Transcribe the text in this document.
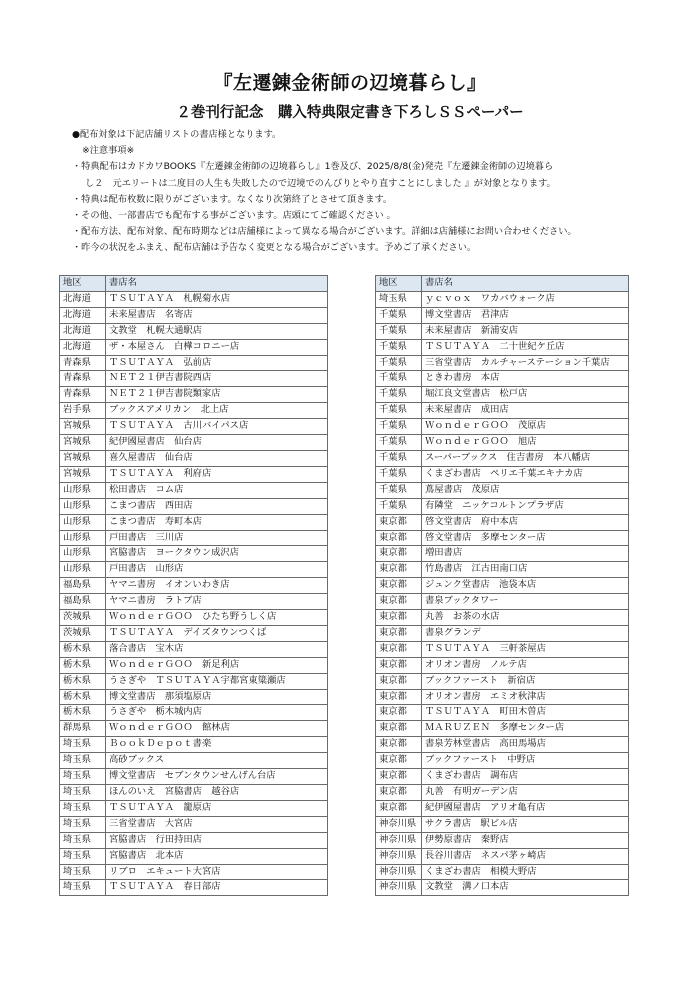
『左遷錬金術師の辺境暮らし』
２巻刊行記念　購入特典限定書き下ろしＳＳペーパー
●配布対象は下記店舗リストの書店様となります。
※注意事項※
・特典配布はカドカワBOOKS『左遷錬金術師の辺境暮らし』1巻及び、2025/8/8(金)発売『左遷錬金術師の辺境暮ら
し２　元エリートは二度目の人生も失敗したので辺境でのんびりとやり直すことにしました 』が対象となります。
・特典は配布枚数に限りがございます。なくなり次第終了とさせて頂きます。
・その他、一部書店でも配布する事がございます。店頭にてご確認ください 。
・配布方法、配布対象、配布時期などは店舗様によって異なる場合がございます。詳細は店舗様にお問い合わせください。
・昨今の状況をふまえ、配布店舗は予告なく変更となる場合がございます。予めご了承ください。
地区	書店名
北海道	ＴＳＵＴＡＹＡ　札幌菊水店
北海道	未来屋書店　名寄店
北海道	文教堂　札幌大通駅店
北海道	ザ・本屋さん　白樺コロニー店
青森県	ＴＳＵＴＡＹＡ　弘前店
青森県	ＮＥＴ２１伊吉書院西店
青森県	ＮＥＴ２１伊吉書院類家店
岩手県	ブックスアメリカン　北上店
宮城県	ＴＳＵＴＡＹＡ　古川バイパス店
宮城県	紀伊國屋書店　仙台店
宮城県	喜久屋書店　仙台店
宮城県	ＴＳＵＴＡＹＡ　利府店
山形県	松田書店　コム店
山形県	こまつ書店　西田店
山形県	こまつ書店　寿町本店
山形県	戸田書店　三川店
山形県	宮脇書店　ヨークタウン成沢店
山形県	戸田書店　山形店
福島県	ヤマニ書房　イオンいわき店
福島県	ヤマニ書房　ラトブ店
茨城県	ＷｏｎｄｅｒＧＯＯ　ひたち野うしく店
茨城県	ＴＳＵＴＡＹＡ　デイズタウンつくば
栃木県	落合書店　宝木店
栃木県	ＷｏｎｄｅｒＧＯＯ　新足利店
栃木県	うさぎや　ＴＳＵＴＡＹＡ宇都宮東簗瀬店
栃木県	博文堂書店　那須塩原店
栃木県	うさぎや　栃木城内店
群馬県	ＷｏｎｄｅｒＧＯＯ　館林店
埼玉県	ＢｏｏｋＤｅｐｏｔ書楽
埼玉県	高砂ブックス
埼玉県	博文堂書店　セブンタウンせんげん台店
埼玉県	ほんのいえ　宮脇書店　越谷店
埼玉県	ＴＳＵＴＡＹＡ　籠原店
埼玉県	三省堂書店　大宮店
埼玉県	宮脇書店　行田持田店
埼玉県	宮脇書店　北本店
埼玉県	リブロ　エキュート大宮店
埼玉県	ＴＳＵＴＡＹＡ　春日部店
地区	書店名
埼玉県	ｙｃｖｏｘ　ワカバウォーク店
千葉県	博文堂書店　君津店
千葉県	未来屋書店　新浦安店
千葉県	ＴＳＵＴＡＹＡ　二十世紀ケ丘店
千葉県	三省堂書店　カルチャーステーション千葉店
千葉県	ときわ書房　本店
千葉県	堀江良文堂書店　松戸店
千葉県	未来屋書店　成田店
千葉県	ＷｏｎｄｅｒＧＯＯ　茂原店
千葉県	ＷｏｎｄｅｒＧＯＯ　旭店
千葉県	スーパーブックス　住吉書房　本八幡店
千葉県	くまざわ書店　ペリエ千葉エキナカ店
千葉県	蔦屋書店　茂原店
千葉県	有隣堂　ニッケコルトンプラザ店
東京都	啓文堂書店　府中本店
東京都	啓文堂書店　多摩センター店
東京都	増田書店
東京都	竹島書店　江古田南口店
東京都	ジュンク堂書店　池袋本店
東京都	書泉ブックタワー
東京都	丸善　お茶の水店
東京都	書泉グランデ
東京都	ＴＳＵＴＡＹＡ　三軒茶屋店
東京都	オリオン書房　ノルテ店
東京都	ブックファースト　新宿店
東京都	オリオン書房　エミオ秋津店
東京都	ＴＳＵＴＡＹＡ　町田木曽店
東京都	ＭＡＲＵＺＥＮ　多摩センター店
東京都	書泉芳林堂書店　高田馬場店
東京都	ブックファースト　中野店
東京都	くまざわ書店　調布店
東京都	丸善　有明ガーデン店
東京都	紀伊國屋書店　アリオ亀有店
神奈川県	サクラ書店　駅ビル店
神奈川県	伊勢原書店　秦野店
神奈川県	長谷川書店　ネスパ茅ヶ崎店
神奈川県	くまざわ書店　相模大野店
神奈川県	文教堂　溝ノ口本店
